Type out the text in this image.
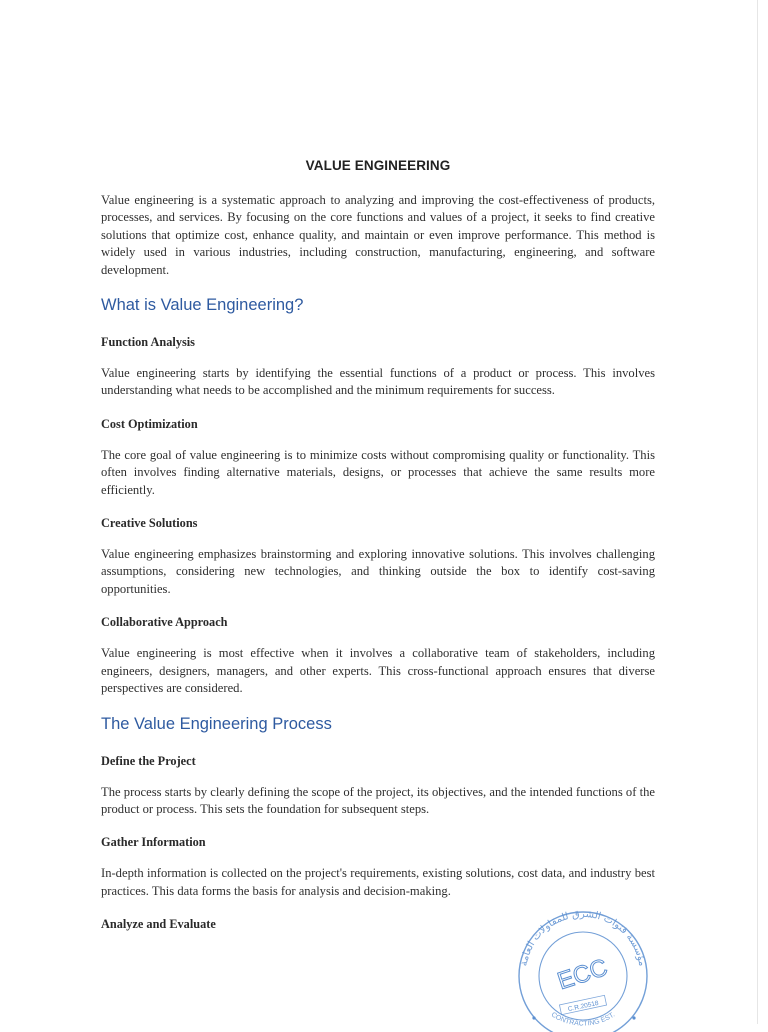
VALUE ENGINEERING

Value engineering is a systematic approach to analyzing and improving the cost-effectiveness of products, processes, and services. By focusing on the core functions and values of a project, it seeks to find creative solutions that optimize cost, enhance quality, and maintain or even improve performance. This method is widely used in various industries, including construction, manufacturing, engineering, and software development.

What is Value Engineering?
Function Analysis

Value engineering starts by identifying the essential functions of a product or process. This involves understanding what needs to be accomplished and the minimum requirements for success.

Cost Optimization

The core goal of value engineering is to minimize costs without compromising quality or functionality. This often involves finding alternative materials, designs, or processes that achieve the same results more efficiently.

Creative Solutions

Value engineering emphasizes brainstorming and exploring innovative solutions. This involves challenging assumptions, considering new technologies, and thinking outside the box to identify cost-saving opportunities.

Collaborative Approach

Value engineering is most effective when it involves a collaborative team of stakeholders, including engineers, designers, managers, and other experts. This cross-functional approach ensures that diverse perspectives are considered.

The Value Engineering Process
Define the Project

The process starts by clearly defining the scope of the project, its objectives, and the intended functions of the product or process. This sets the foundation for subsequent steps.

Gather Information

In-depth information is collected on the project's requirements, existing solutions, cost data, and industry best practices. This data forms the basis for analysis and decision-making.

Analyze and Evaluate
مؤسسة قنوات الشرق للمقاولات العامة
CONTRACTING EST.
ECC
C.R.20518
